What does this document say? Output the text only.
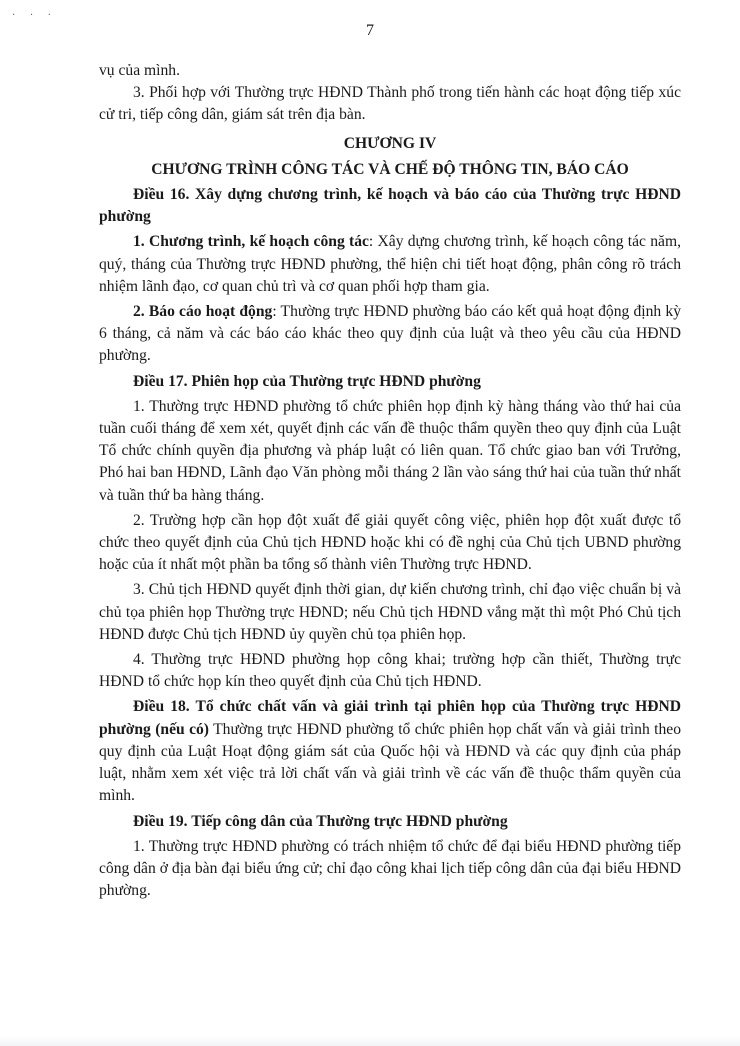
· · ·
7

vụ của mình.

3. Phối hợp với Thường trực HĐND Thành phố trong tiến hành các hoạt động tiếp xúc cử tri, tiếp công dân, giám sát trên địa bàn.

CHƯƠNG IV

CHƯƠNG TRÌNH CÔNG TÁC VÀ CHẾ ĐỘ THÔNG TIN, BÁO CÁO

Điều 16. Xây dựng chương trình, kế hoạch và báo cáo của Thường trực HĐND phường

1. Chương trình, kế hoạch công tác: Xây dựng chương trình, kế hoạch công tác năm, quý, tháng của Thường trực HĐND phường, thể hiện chi tiết hoạt động, phân công rõ trách nhiệm lãnh đạo, cơ quan chủ trì và cơ quan phối hợp tham gia.

2. Báo cáo hoạt động: Thường trực HĐND phường báo cáo kết quả hoạt động định kỳ 6 tháng, cả năm và các báo cáo khác theo quy định của luật và theo yêu cầu của HĐND phường.

Điều 17. Phiên họp của Thường trực HĐND phường

1. Thường trực HĐND phường tổ chức phiên họp định kỳ hàng tháng vào thứ hai của tuần cuối tháng để xem xét, quyết định các vấn đề thuộc thẩm quyền theo quy định của Luật Tổ chức chính quyền địa phương và pháp luật có liên quan. Tổ chức giao ban với Trưởng, Phó hai ban HĐND, Lãnh đạo Văn phòng mỗi tháng 2 lần vào sáng thứ hai của tuần thứ nhất và tuần thứ ba hàng tháng.

2. Trường hợp cần họp đột xuất để giải quyết công việc, phiên họp đột xuất được tổ chức theo quyết định của Chủ tịch HĐND hoặc khi có đề nghị của Chủ tịch UBND phường hoặc của ít nhất một phần ba tổng số thành viên Thường trực HĐND.

3. Chủ tịch HĐND quyết định thời gian, dự kiến chương trình, chỉ đạo việc chuẩn bị và chủ tọa phiên họp Thường trực HĐND; nếu Chủ tịch HĐND vắng mặt thì một Phó Chủ tịch HĐND được Chủ tịch HĐND ủy quyền chủ tọa phiên họp.

4. Thường trực HĐND phường họp công khai; trường hợp cần thiết, Thường trực HĐND tổ chức họp kín theo quyết định của Chủ tịch HĐND.

Điều 18. Tổ chức chất vấn và giải trình tại phiên họp của Thường trực HĐND phường (nếu có) Thường trực HĐND phường tổ chức phiên họp chất vấn và giải trình theo quy định của Luật Hoạt động giám sát của Quốc hội và HĐND và các quy định của pháp luật, nhằm xem xét việc trả lời chất vấn và giải trình về các vấn đề thuộc thẩm quyền của mình.

Điều 19. Tiếp công dân của Thường trực HĐND phường

1. Thường trực HĐND phường có trách nhiệm tổ chức để đại biểu HĐND phường tiếp công dân ở địa bàn đại biểu ứng cử; chỉ đạo công khai lịch tiếp công dân của đại biểu HĐND phường.
